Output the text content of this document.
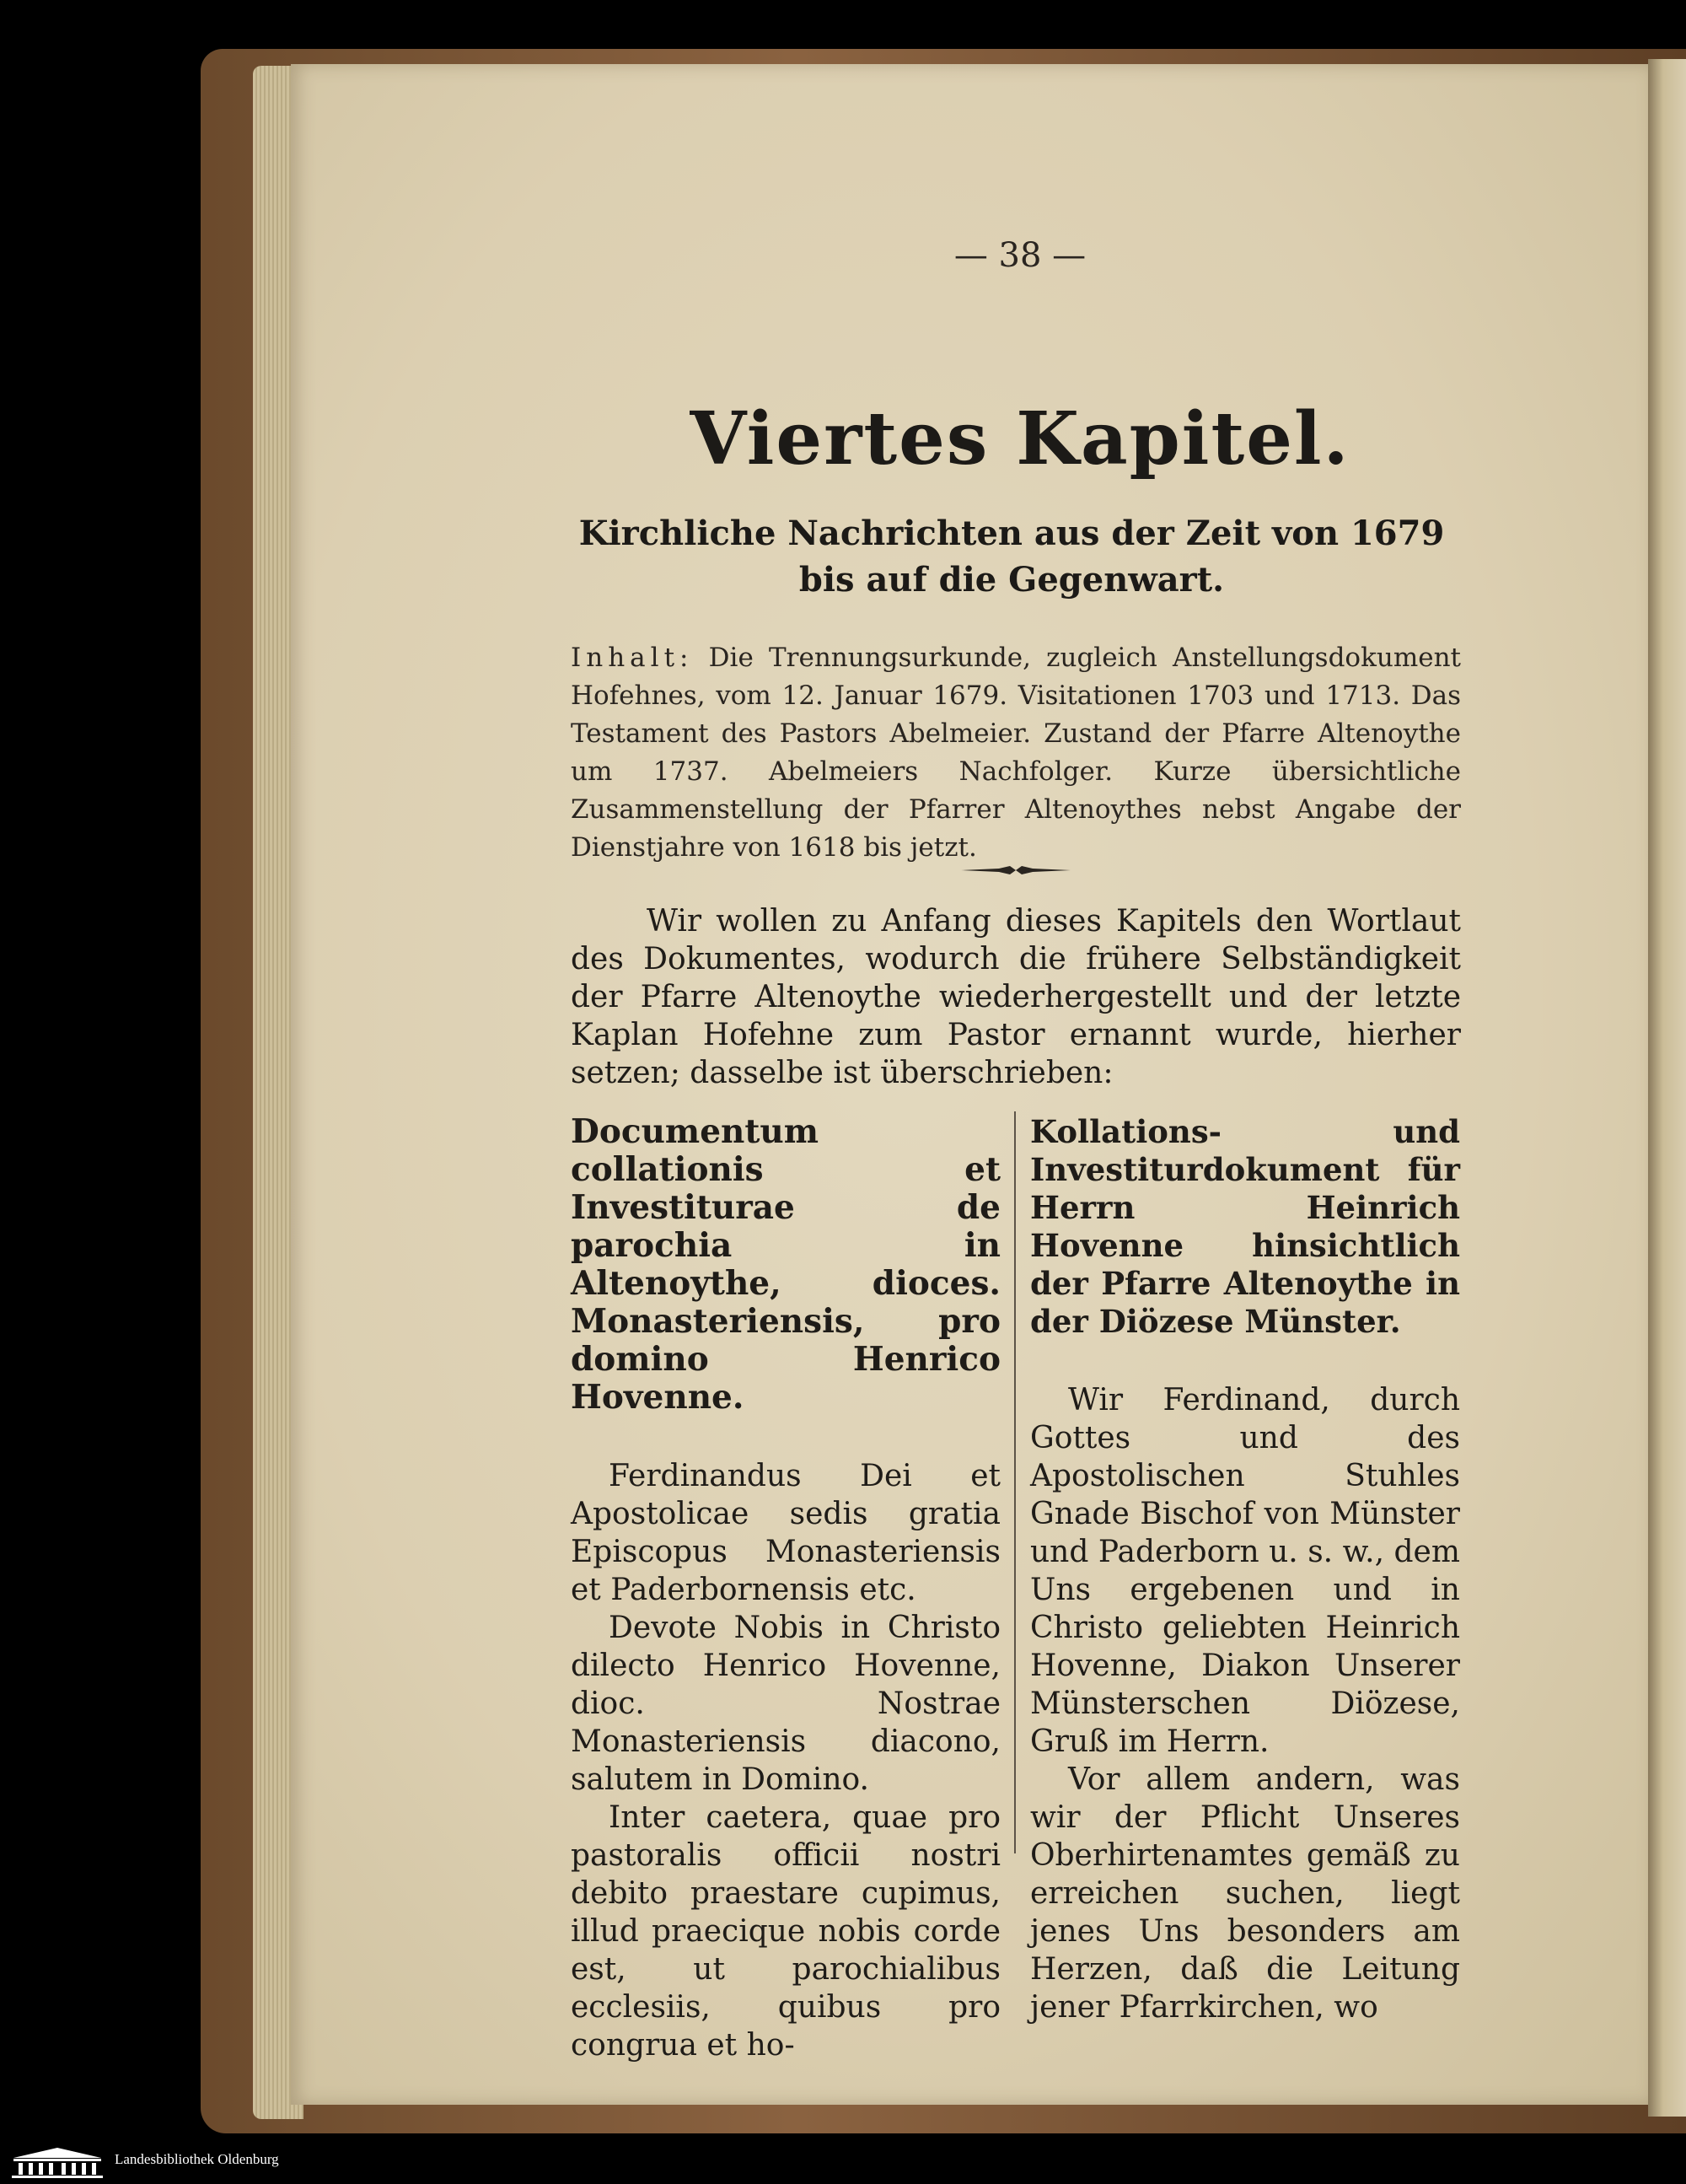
— 38 —
Viertes Kapitel.
Kirchliche Nachrichten aus der Zeit von 1679 bis auf die Gegenwart.
Inhalt: Die Trennungsurkunde, zugleich Anstellungsdokument Hofehnes, vom 12. Januar 1679. Visitationen 1703 und 1713. Das Testament des Pastors Abelmeier. Zustand der Pfarre Altenoythe um 1737. Abelmeiers Nachfolger. Kurze übersichtliche Zusammenstellung der Pfarrer Altenoythes nebst Angabe der Dienstjahre von 1618 bis jetzt.
Wir wollen zu Anfang dieses Kapitels den Wortlaut des Dokumentes, wodurch die frühere Selbständigkeit der Pfarre Altenoythe wiederhergestellt und der letzte Kaplan Hofehne zum Pastor ernannt wurde, hierher setzen; dasselbe ist überschrieben:
Documentum collationis et Investiturae de parochia in Altenoythe, dioces. Monasteriensis, pro domino Henrico Hovenne.

Ferdinandus Dei et Apostolicae sedis gratia Episcopus Monasteriensis et Paderbornensis etc.

Devote Nobis in Christo dilecto Henrico Hovenne, dioc. Nostrae Monasteriensis diacono, salutem in Domino.

Inter caetera, quae pro pastoralis officii nostri debito praestare cupimus, illud praecique nobis corde est, ut parochialibus ecclesiis, quibus pro congrua et ho-

Kollations- und Investiturdokument für Herrn Heinrich Hovenne hinsichtlich der Pfarre Altenoythe in der Diözese Münster.

Wir Ferdinand, durch Gottes und des Apostolischen Stuhles Gnade Bischof von Münster und Paderborn u. s. w., dem Uns ergebenen und in Christo geliebten Heinrich Hovenne, Diakon Unserer Münsterschen Diözese, Gruß im Herrn.

Vor allem andern, was wir der Pflicht Unseres Oberhirtenamtes gemäß zu erreichen suchen, liegt jenes Uns besonders am Herzen, daß die Leitung jener Pfarrkirchen, wo

Landesbibliothek Oldenburg
